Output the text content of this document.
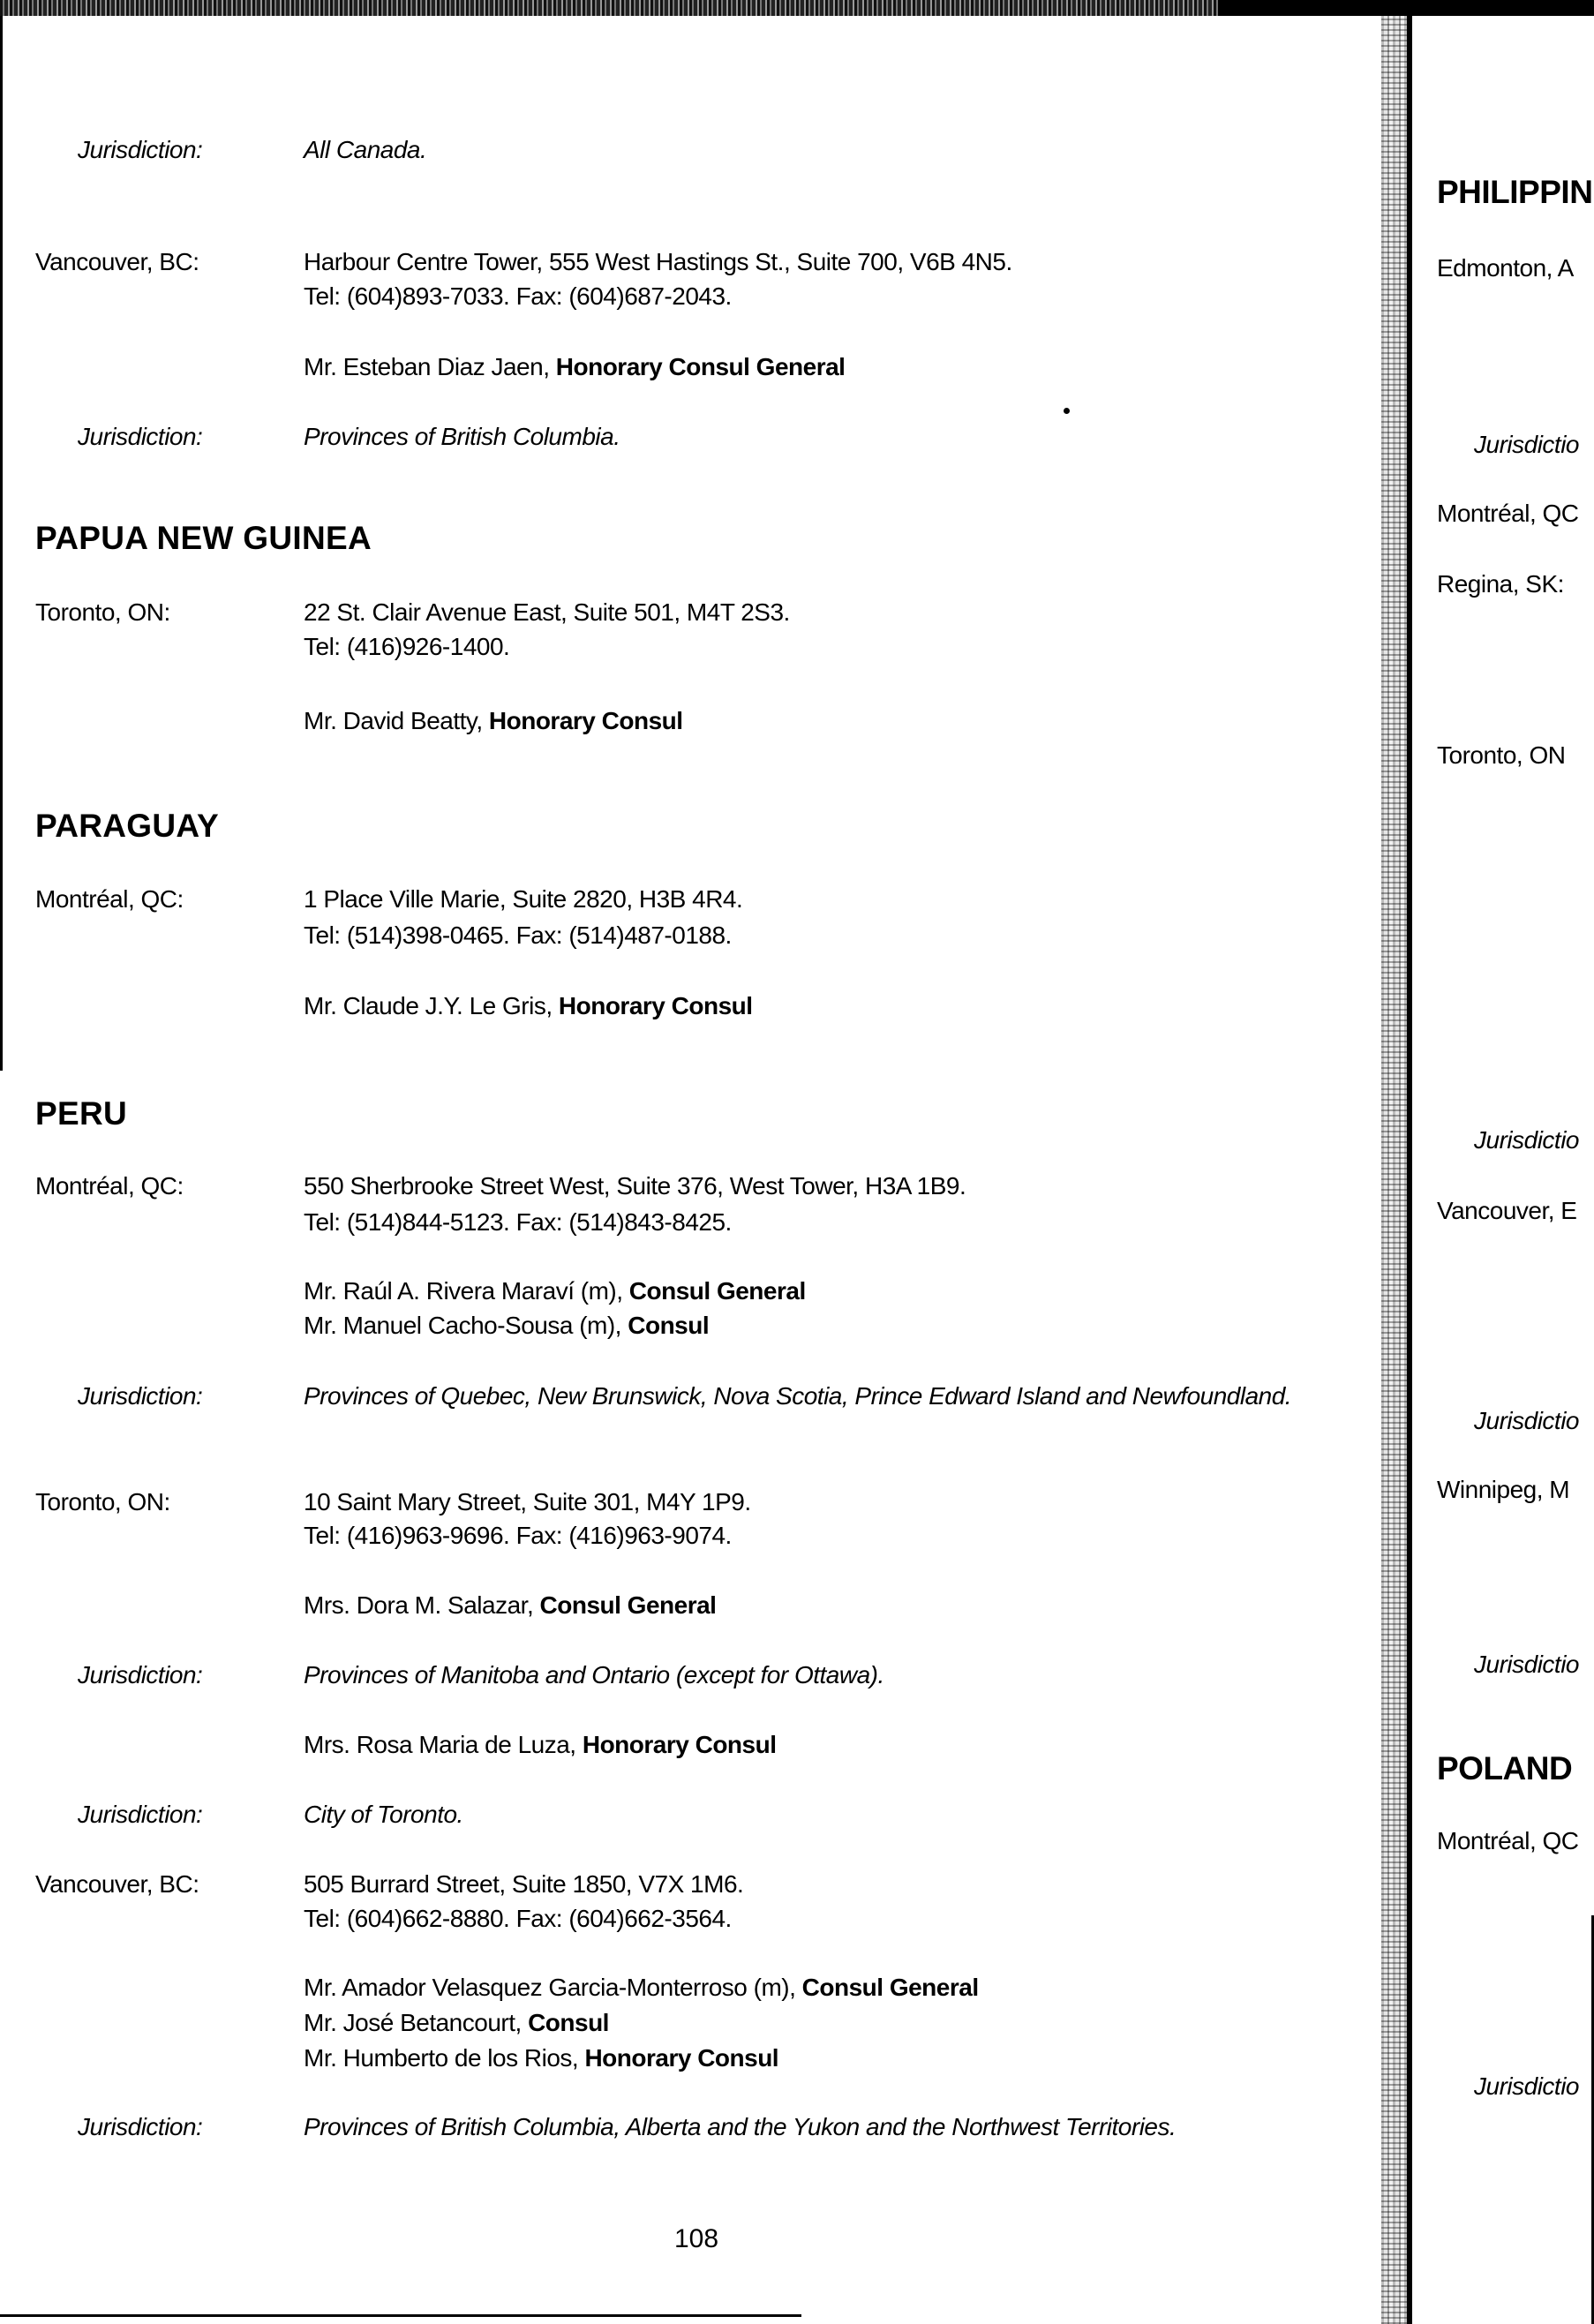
Jurisdiction:	All Canada.
Vancouver, BC:	Harbour Centre Tower, 555 West Hastings St., Suite 700, V6B 4N5.
Tel: (604)893-7033. Fax: (604)687-2043.
Mr. Esteban Diaz Jaen, Honorary Consul General
Jurisdiction:	Provinces of British Columbia.
PAPUA NEW GUINEA
Toronto, ON:	22 St. Clair Avenue East, Suite 501, M4T 2S3.
Tel: (416)926-1400.
Mr. David Beatty, Honorary Consul
PARAGUAY
Montréal, QC:	1 Place Ville Marie, Suite 2820, H3B 4R4.
Tel: (514)398-0465. Fax: (514)487-0188.
Mr. Claude J.Y. Le Gris, Honorary Consul
PERU
Montréal, QC:	550 Sherbrooke Street West, Suite 376, West Tower, H3A 1B9.
Tel: (514)844-5123. Fax: (514)843-8425.
Mr. Raúl A. Rivera Maraví (m), Consul General
Mr. Manuel Cacho-Sousa (m), Consul
Jurisdiction:	Provinces of Quebec, New Brunswick, Nova Scotia, Prince Edward Island and Newfoundland.
Toronto, ON:	10 Saint Mary Street, Suite 301, M4Y 1P9.
Tel: (416)963-9696. Fax: (416)963-9074.
Mrs. Dora M. Salazar, Consul General
Jurisdiction:	Provinces of Manitoba and Ontario (except for Ottawa).
Mrs. Rosa Maria de Luza, Honorary Consul
Jurisdiction:	City of Toronto.
Vancouver, BC:	505 Burrard Street, Suite 1850, V7X 1M6.
Tel: (604)662-8880. Fax: (604)662-3564.
Mr. Amador Velasquez Garcia-Monterroso (m), Consul General
Mr. José Betancourt, Consul
Mr. Humberto de los Rios, Honorary Consul
Jurisdiction:	Provinces of British Columbia, Alberta and the Yukon and the Northwest Territories.
108
PHILIPPIN
Edmonton, A
Jurisdictio
Montréal, QC
Regina, SK:
Toronto, ON
Jurisdictio
Vancouver, E
Jurisdictio
Winnipeg, M
Jurisdictio
POLAND
Montréal, QC
Jurisdictio
